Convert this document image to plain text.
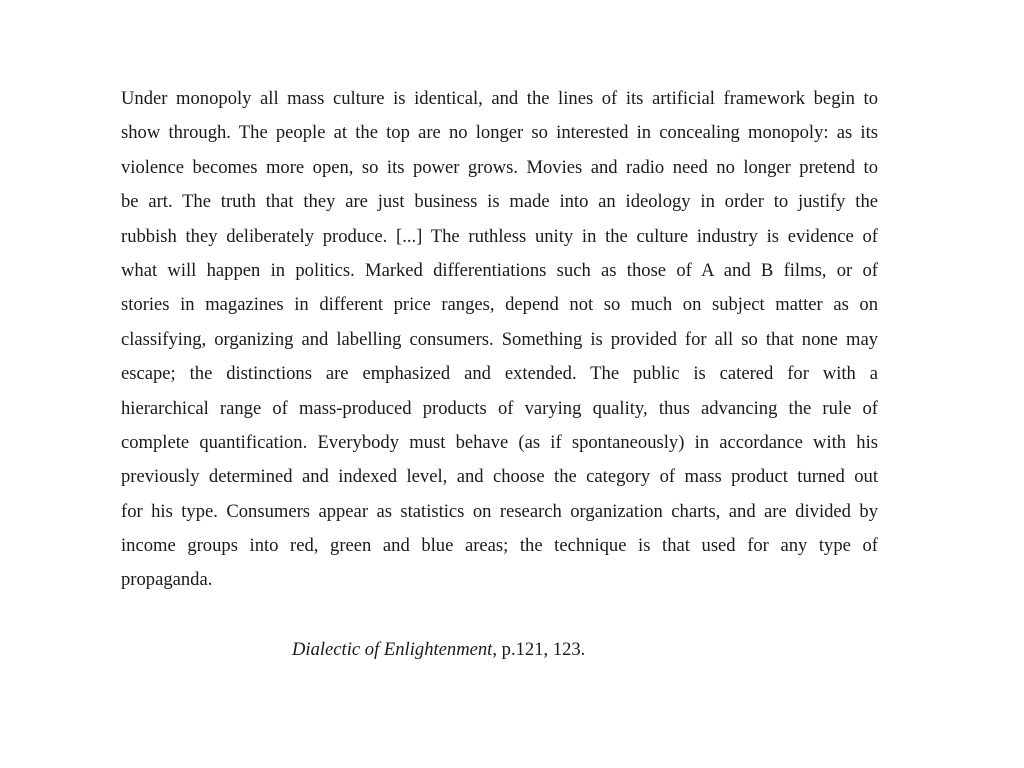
Under monopoly all mass culture is identical, and the lines of its artificial framework begin to
show through. The people at the top are no longer so interested in concealing monopoly: as its
violence becomes more open, so its power grows. Movies and radio need no longer pretend to
be art. The truth that they are just business is made into an ideology in order to justify the
rubbish they deliberately produce. [...] The ruthless unity in the culture industry is evidence of
what will happen in politics. Marked differentiations such as those of A and B films, or of
stories in magazines in different price ranges, depend not so much on subject matter as on
classifying, organizing and labelling consumers. Something is provided for all so that none may
escape; the distinctions are emphasized and extended. The public is catered for with a
hierarchical range of mass-produced products of varying quality, thus advancing the rule of
complete quantification. Everybody must behave (as if spontaneously) in accordance with his
previously determined and indexed level, and choose the category of mass product turned out
for his type. Consumers appear as statistics on research organization charts, and are divided by
income groups into red, green and blue areas; the technique is that used for any type of
propaganda.
Dialectic of Enlightenment, p.121, 123.
